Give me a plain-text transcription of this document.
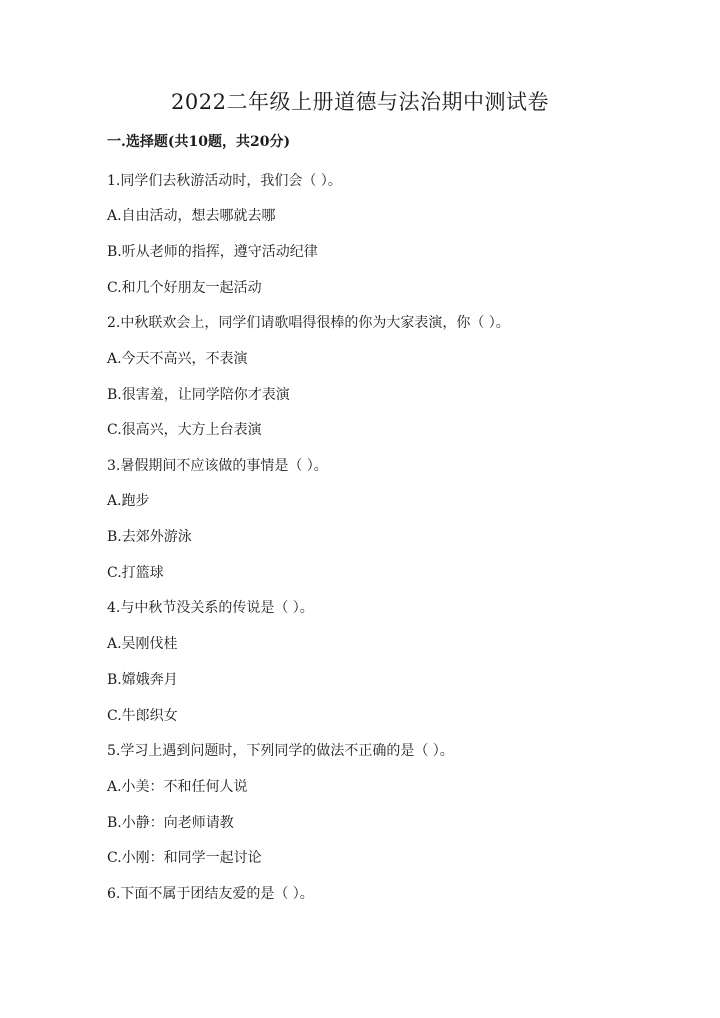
2022二年级上册道德与法治期中测试卷
一.选择题(共10题，共20分)
1.同学们去秋游活动时，我们会（ ）。
A.自由活动，想去哪就去哪
B.听从老师的指挥，遵守活动纪律
C.和几个好朋友一起活动
2.中秋联欢会上，同学们请歌唱得很棒的你为大家表演，你（ ）。
A.今天不高兴，不表演
B.很害羞，让同学陪你才表演
C.很高兴，大方上台表演
3.暑假期间不应该做的事情是（ ）。
A.跑步
B.去郊外游泳
C.打篮球
4.与中秋节没关系的传说是（ ）。
A.吴刚伐桂
B.嫦娥奔月
C.牛郎织女
5.学习上遇到问题时，下列同学的做法不正确的是（ ）。
A.小美：不和任何人说
B.小静：向老师请教
C.小刚：和同学一起讨论
6.下面不属于团结友爱的是（ ）。
